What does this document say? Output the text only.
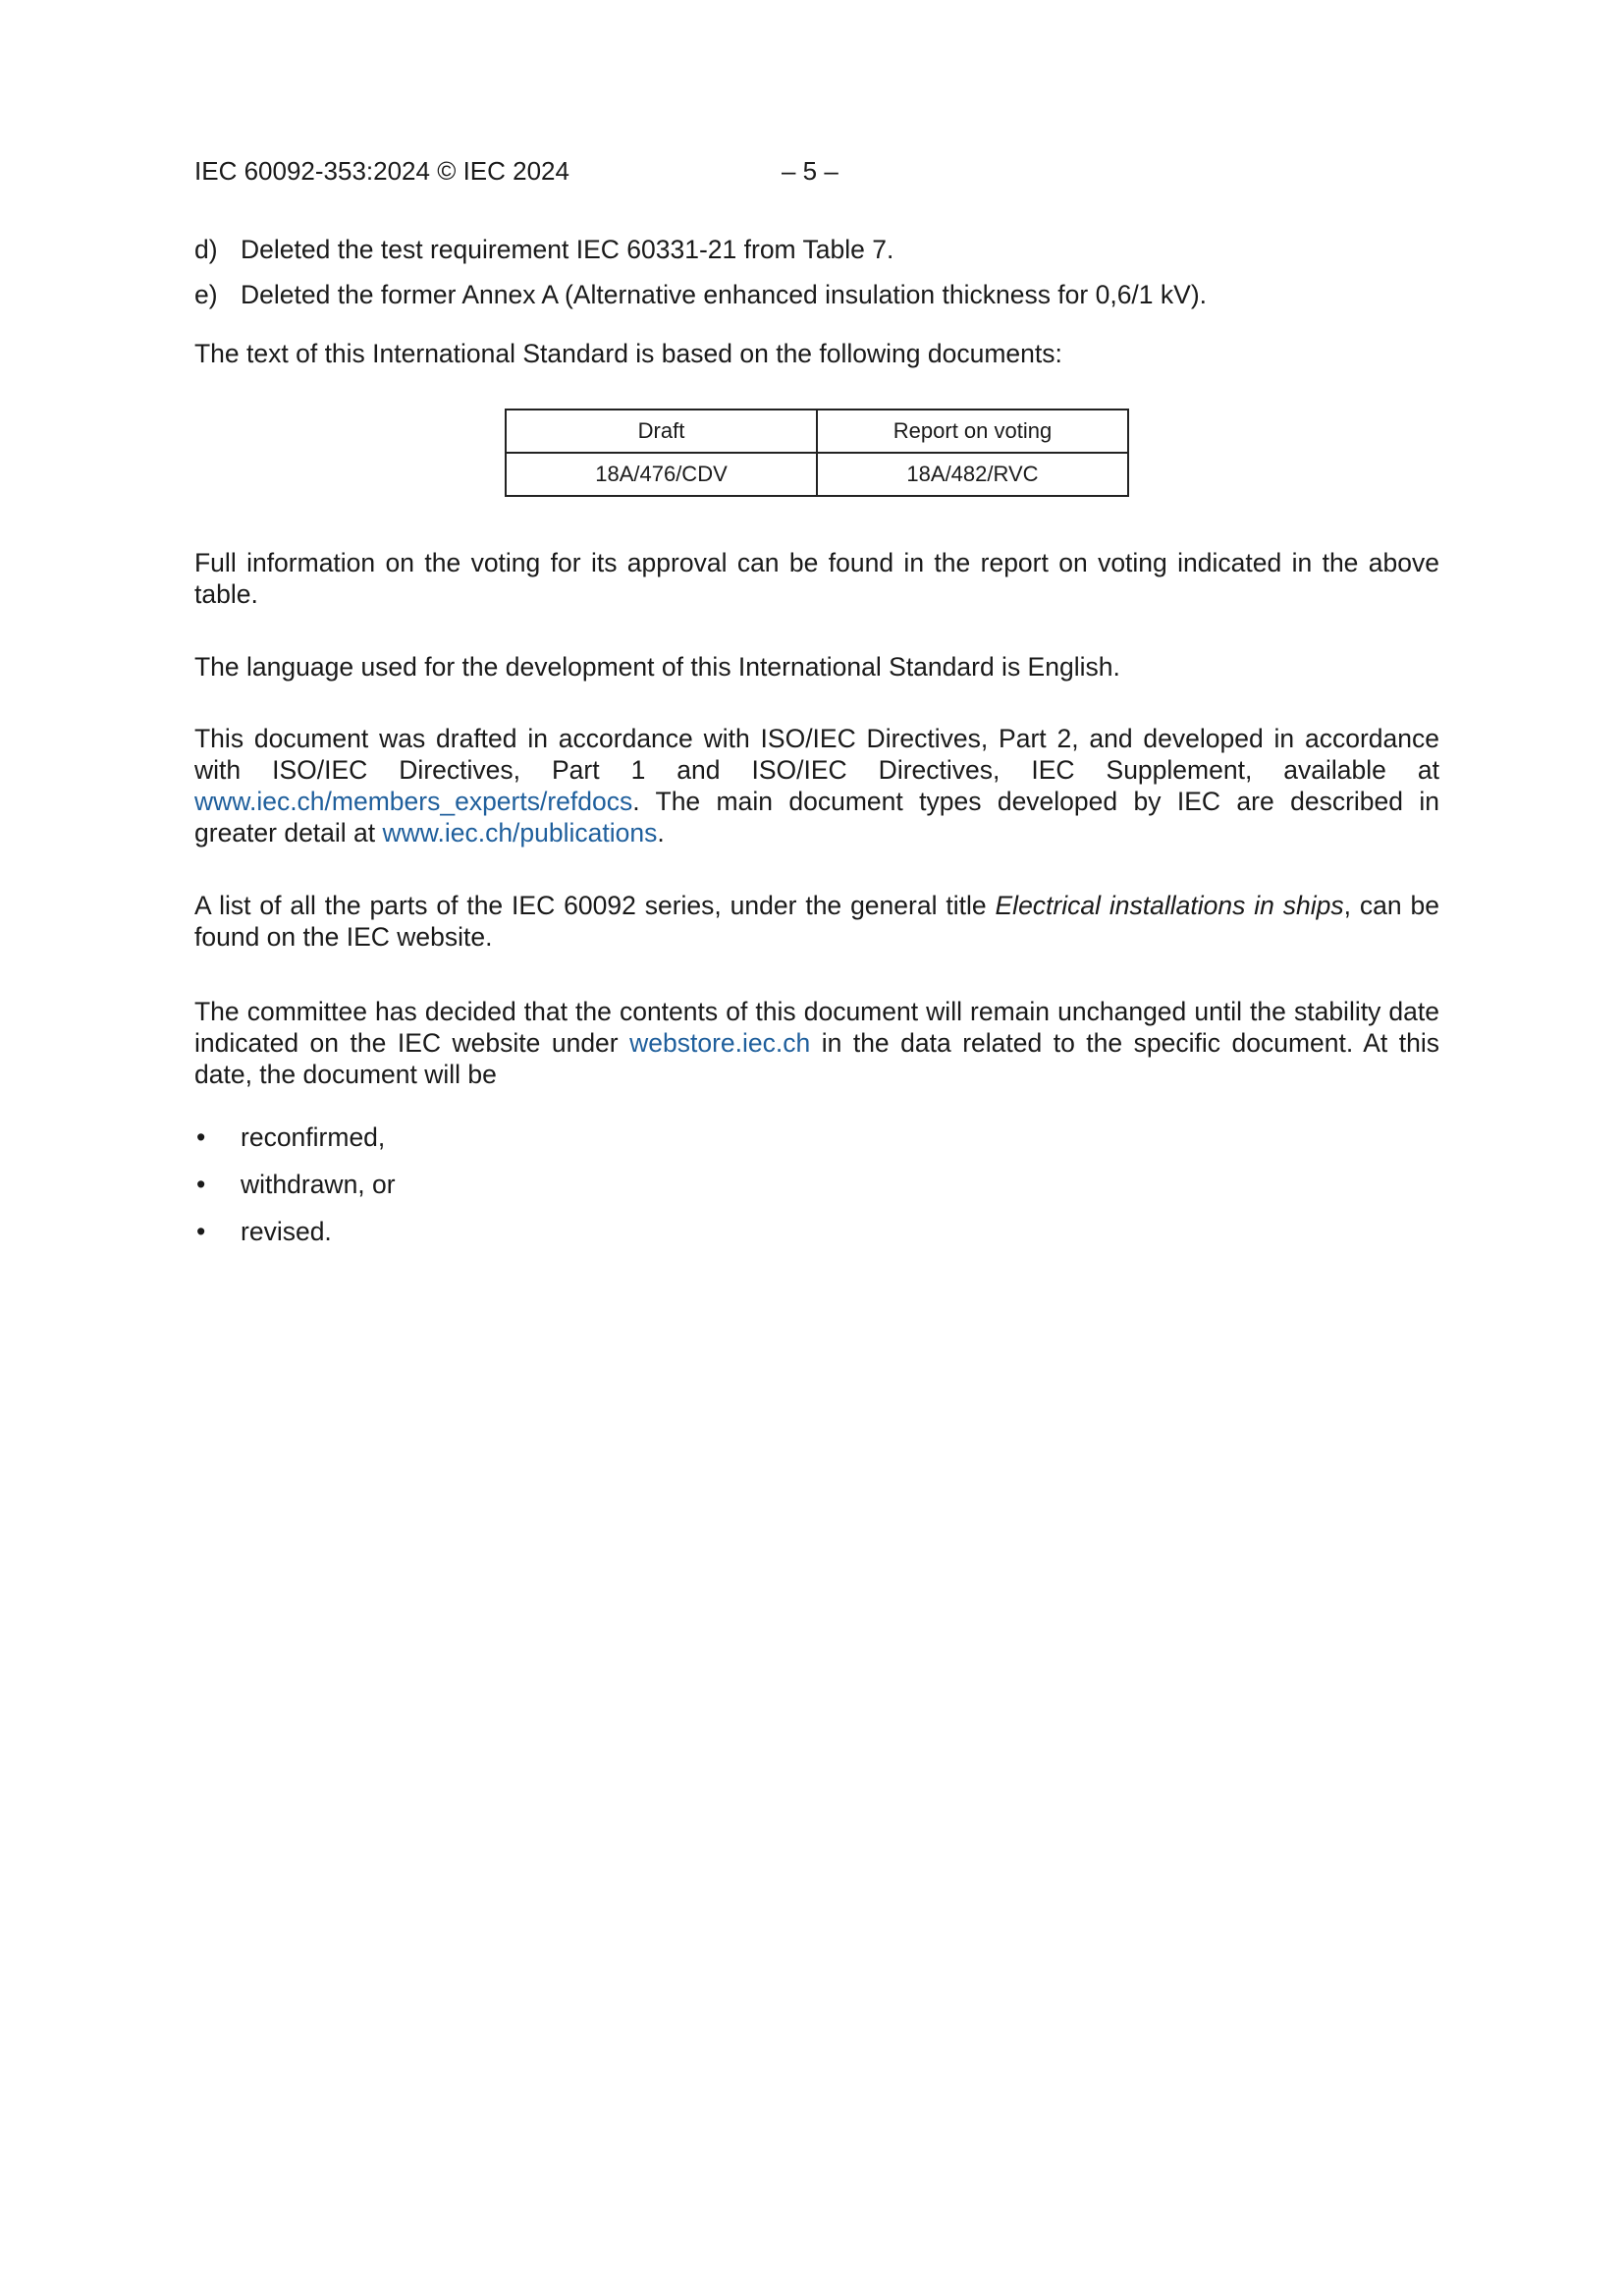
IEC 60092-353:2024 © IEC 2024	– 5 –
d) Deleted the test requirement IEC 60331-21 from Table 7.
e) Deleted the former Annex A (Alternative enhanced insulation thickness for 0,6/1 kV).

The text of this International Standard is based on the following documents:

Draft	Report on voting
18A/476/CDV	18A/482/RVC

Full information on the voting for its approval can be found in the report on voting indicated in the above table.

The language used for the development of this International Standard is English.

This document was drafted in accordance with ISO/IEC Directives, Part 2, and developed in accordance with ISO/IEC Directives, Part 1 and ISO/IEC Directives, IEC Supplement, available at www.iec.ch/members_experts/refdocs. The main document types developed by IEC are described in greater detail at www.iec.ch/publications.

A list of all the parts of the IEC 60092 series, under the general title Electrical installations in ships, can be found on the IEC website.

The committee has decided that the contents of this document will remain unchanged until the stability date indicated on the IEC website under webstore.iec.ch in the data related to the specific document. At this date, the document will be

• reconfirmed,
• withdrawn, or
• revised.
